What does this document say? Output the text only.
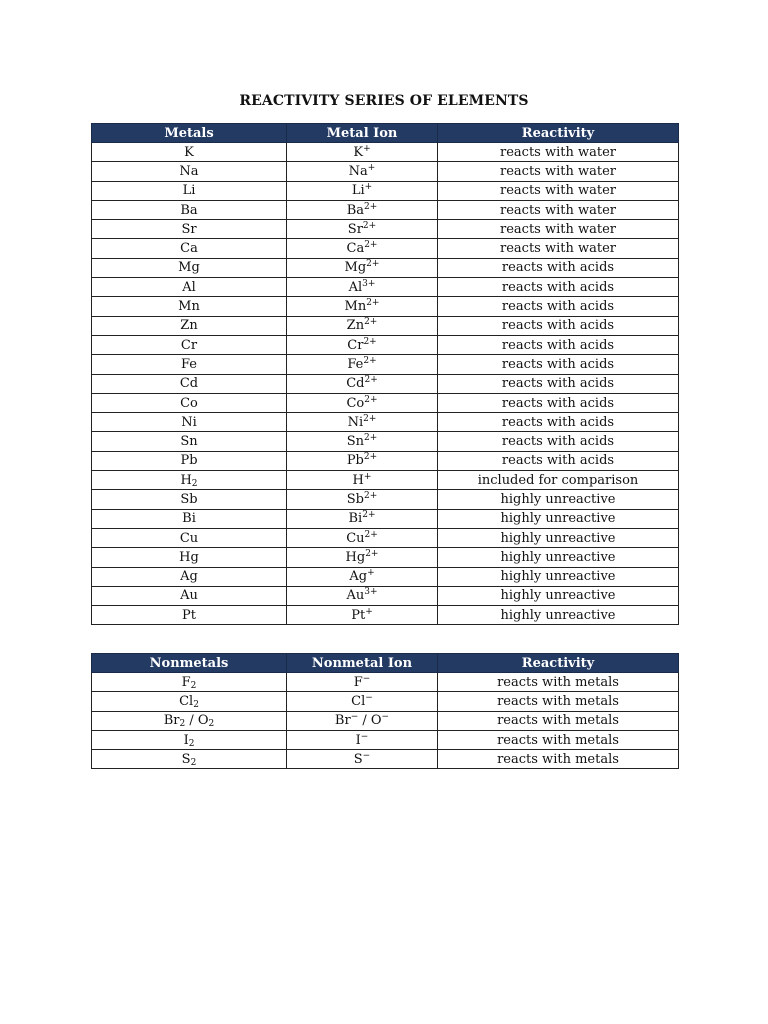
REACTIVITY SERIES OF ELEMENTS
Metals	Metal Ion	Reactivity
K	K+	reacts with water
Na	Na+	reacts with water
Li	Li+	reacts with water
Ba	$Ba^{2+}$	reacts with water
Sr	$Sr^{2+}$	reacts with water
Ca	$Ca^{2+}$	reacts with water
Mg	$Mg^{2+}$	reacts with acids
Al	$Al^{3+}$	reacts with acids
Mn	$Mn^{2+}$	reacts with acids
Zn	$Zn^{2+}$	reacts with acids
Cr	$Cr^{2+}$	reacts with acids
Fe	$Fe^{2+}$	reacts with acids
Cd	$Cd^{2+}$	reacts with acids
Co	$Co^{2+}$	reacts with acids
Ni	$Ni^{2+}$	reacts with acids
Sn	$Sn^{2+}$	reacts with acids
Pb	$Pb^{2+}$	reacts with acids
$H_2$	H+	included for comparison
Sb	$Sb^{2+}$	highly unreactive
Bi	$Bi^{2+}$	highly unreactive
Cu	$Cu^{2+}$	highly unreactive
Hg	$Hg^{2+}$	highly unreactive
Ag	Ag+	highly unreactive
Au	$Au^{3+}$	highly unreactive
Pt	Pt+	highly unreactive
Nonmetals	Nonmetal Ion	Reactivity
$F_2$	F−	reacts with metals
$Cl_2$	Cl−	reacts with metals
$Br_2 / O_2$	Br− / O−	reacts with metals
$I_2$	I−	reacts with metals
$S_2$	S−	reacts with metals
